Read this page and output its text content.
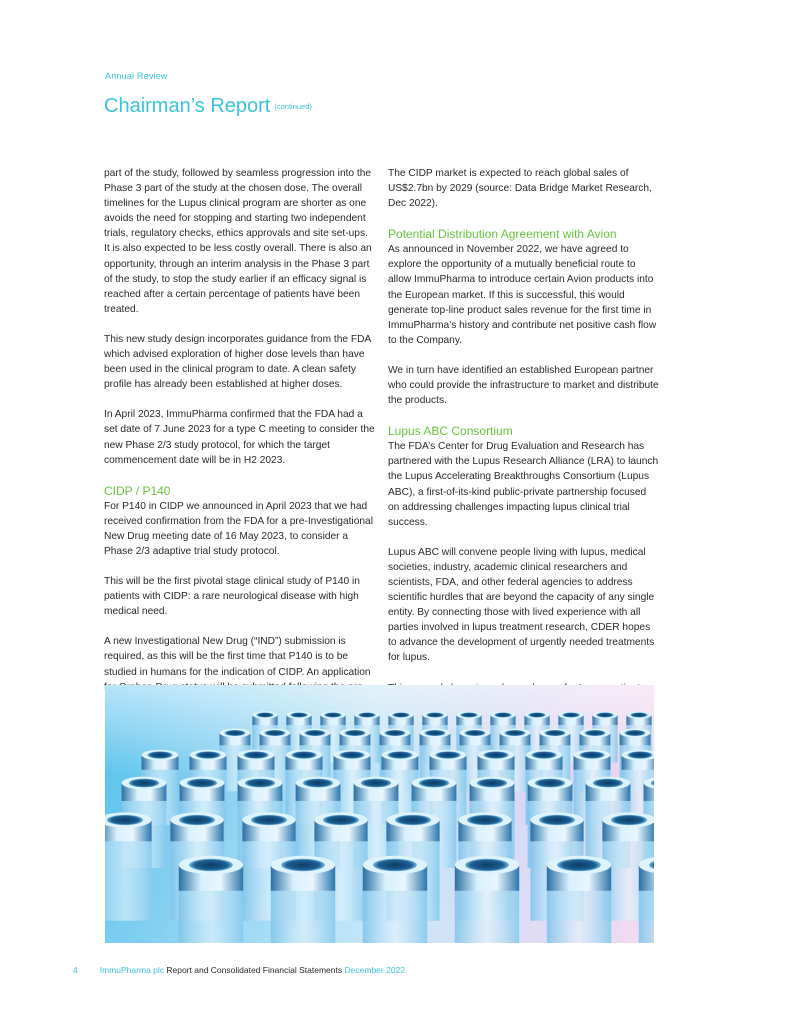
Annual Review
Chairman’s Report (continued)

part of the study, followed by seamless progression into the Phase 3 part of the study at the chosen dose. The overall timelines for the Lupus clinical program are shorter as one avoids the need for stopping and starting two independent trials, regulatory checks, ethics approvals and site set-ups. It is also expected to be less costly overall. There is also an opportunity, through an interim analysis in the Phase 3 part of the study, to stop the study earlier if an efficacy signal is reached after a certain percentage of patients have been treated.

This new study design incorporates guidance from the FDA which advised exploration of higher dose levels than have been used in the clinical program to date. A clean safety profile has already been established at higher doses.

In April 2023, ImmuPharma confirmed that the FDA had a set date of 7 June 2023 for a type C meeting to consider the new Phase 2/3 study protocol, for which the target commencement date will be in H2 2023.

CIDP / P140

For P140 in CIDP we announced in April 2023 that we had received confirmation from the FDA for a pre-Investigational New Drug meeting date of 16 May 2023, to consider a Phase 2/3 adaptive trial study protocol.

This will be the first pivotal stage clinical study of P140 in patients with CIDP: a rare neurological disease with high medical need.

A new Investigational New Drug (“IND”) submission is required, as this will be the first time that P140 is to be studied in humans for the indication of CIDP. An application

The CIDP market is expected to reach global sales of US$2.7bn by 2029 (source: Data Bridge Market Research, Dec 2022).

Potential Distribution Agreement with Avion

As announced in November 2022, we have agreed to explore the opportunity of a mutually beneficial route to allow ImmuPharma to introduce certain Avion products into the European market. If this is successful, this would generate top-line product sales revenue for the first time in ImmuPharma’s history and contribute net positive cash flow to the Company.

We in turn have identified an established European partner who could provide the infrastructure to market and distribute the products.

Lupus ABC Consortium

The FDA’s Center for Drug Evaluation and Research has partnered with the Lupus Research Alliance (LRA) to launch the Lupus Accelerating Breakthroughs Consortium (Lupus ABC), a first-of-its-kind public-private partnership focused on addressing challenges impacting lupus clinical trial success.

Lupus ABC will convene people living with lupus, medical societies, industry, academic clinical researchers and scientists, FDA, and other federal agencies to address scientific hurdles that are beyond the capacity of any single entity. By connecting those with lived experience with all parties involved in lupus treatment research, CDER hopes to advance the development of urgently needed treatments for lupus.

4	ImmuPharma plc Report and Consolidated Financial Statements December 2022
